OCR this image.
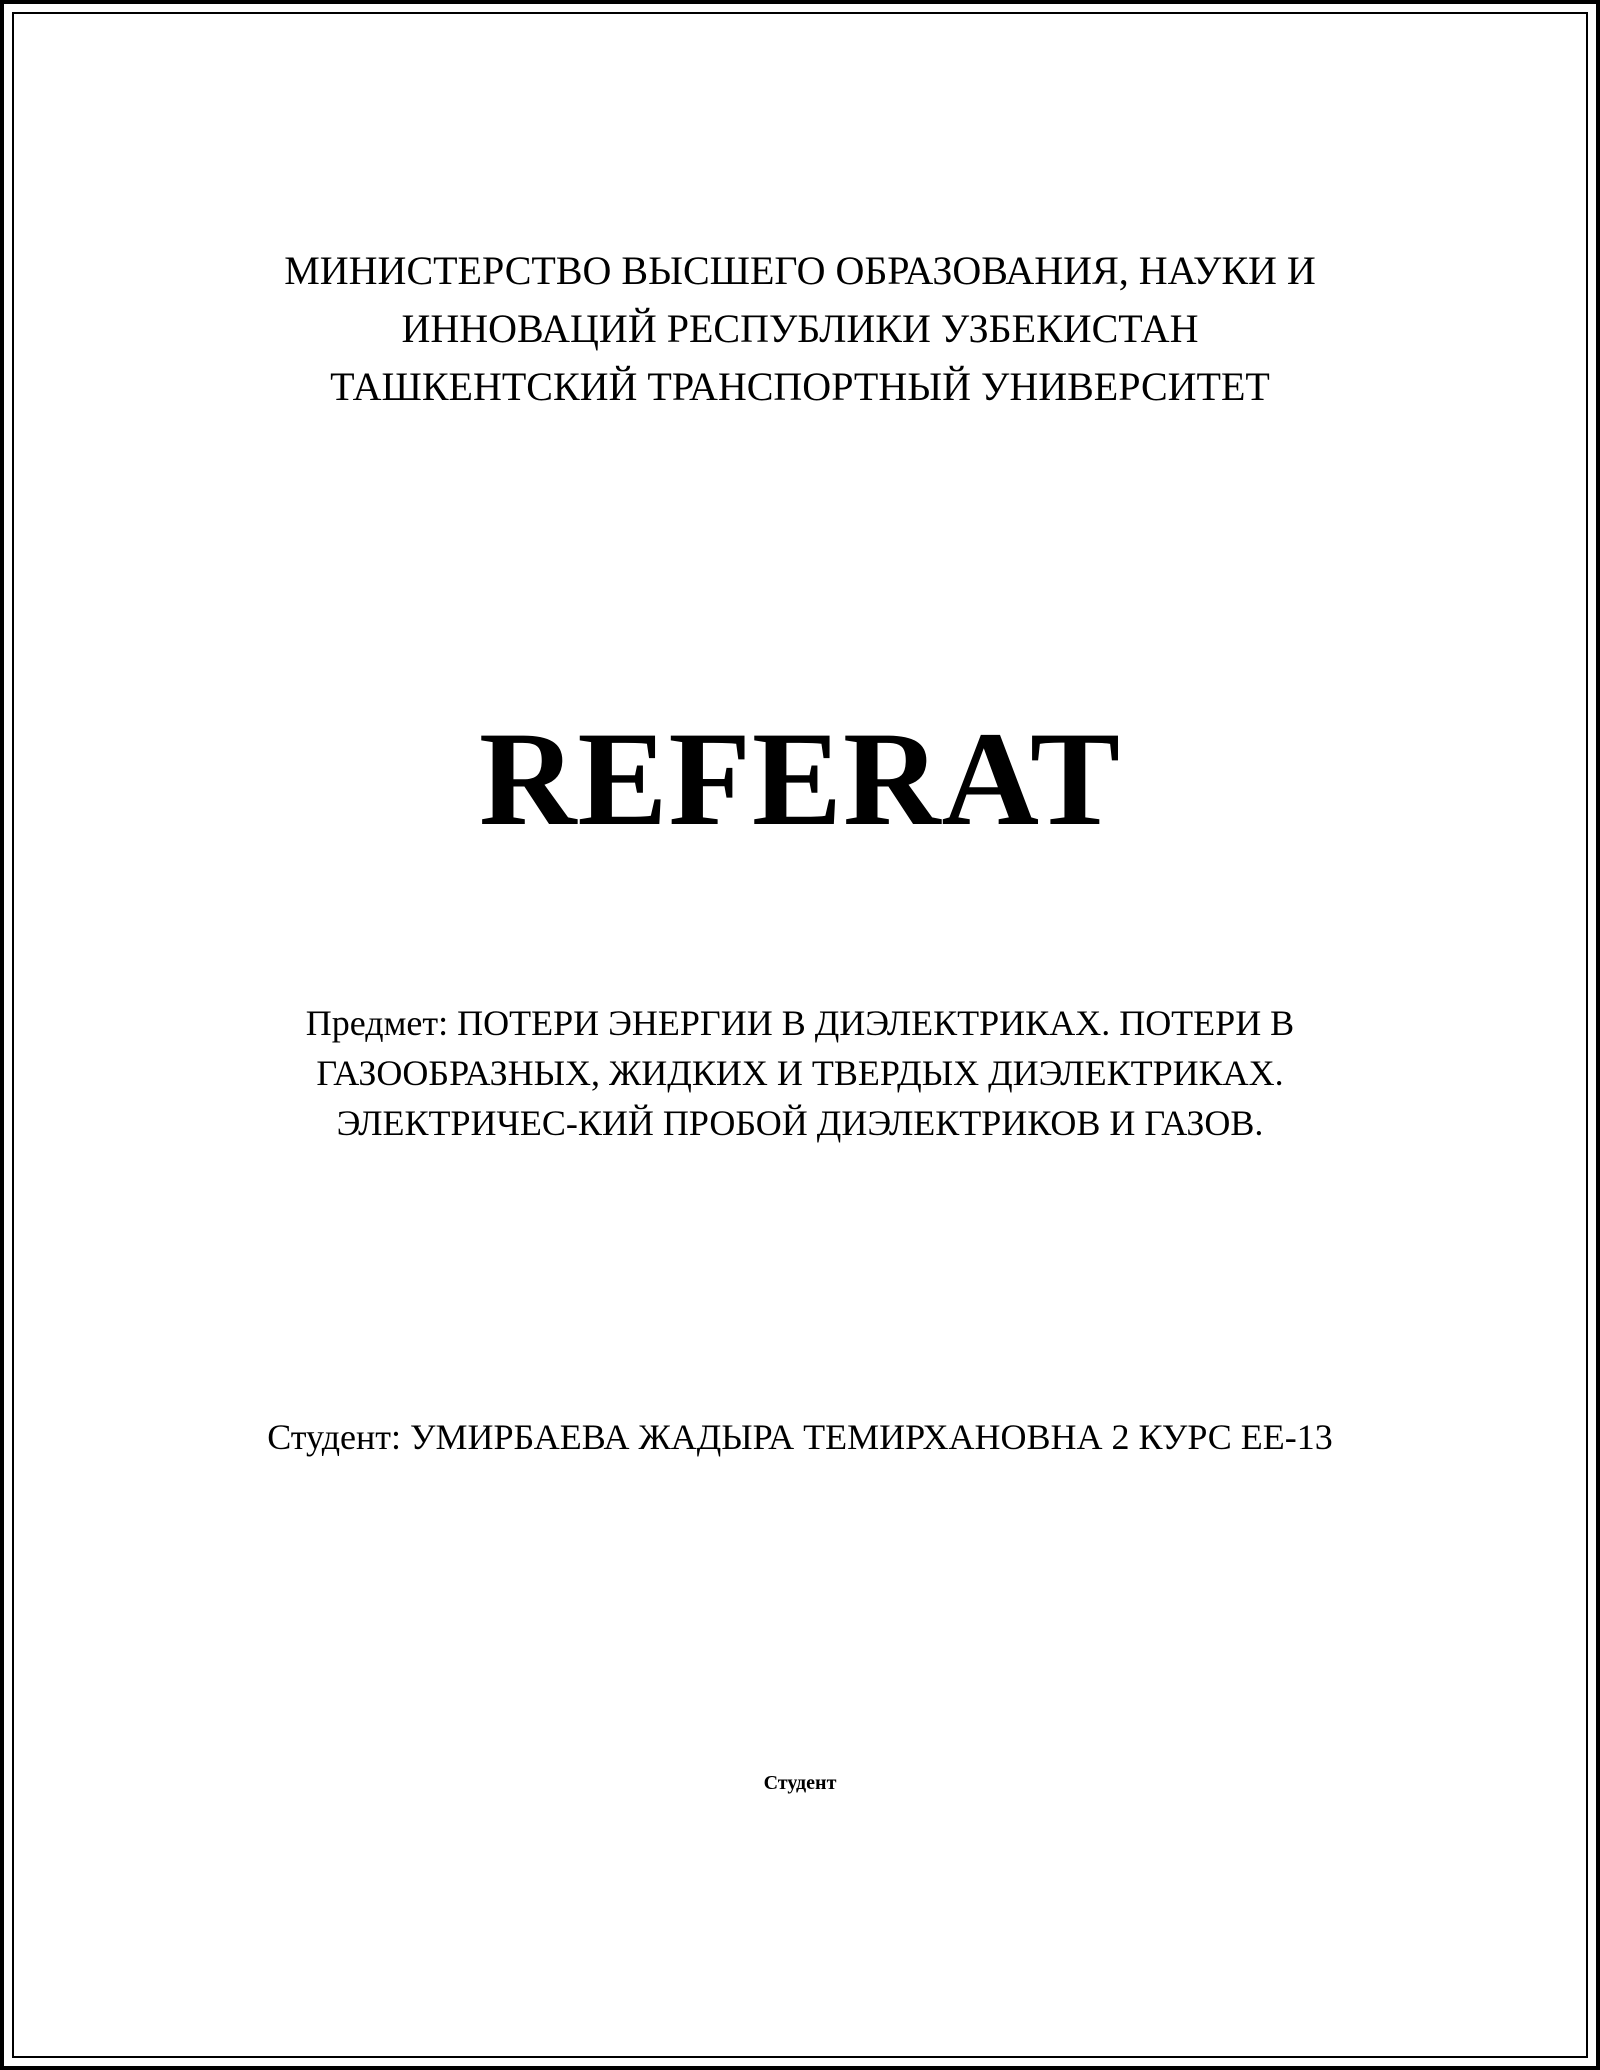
МИНИСТЕРСТВО ВЫСШЕГО ОБРАЗОВАНИЯ, НАУКИ И
ИННОВАЦИЙ РЕСПУБЛИКИ УЗБЕКИСТАН
ТАШКЕНТСКИЙ ТРАНСПОРТНЫЙ УНИВЕРСИТЕТ
REFERAT
Предмет: ПОТЕРИ ЭНЕРГИИ В ДИЭЛЕКТРИКАХ. ПОТЕРИ В
ГАЗООБРАЗНЫХ, ЖИДКИХ И ТВЕРДЫХ ДИЭЛЕКТРИКАХ.
ЭЛЕКТРИЧЕС-КИЙ ПРОБОЙ ДИЭЛЕКТРИКОВ И ГАЗОВ.
Студент: УМИРБАЕВА ЖАДЫРА ТЕМИРХАНОВНА 2 КУРС ЕЕ-13
Студент
